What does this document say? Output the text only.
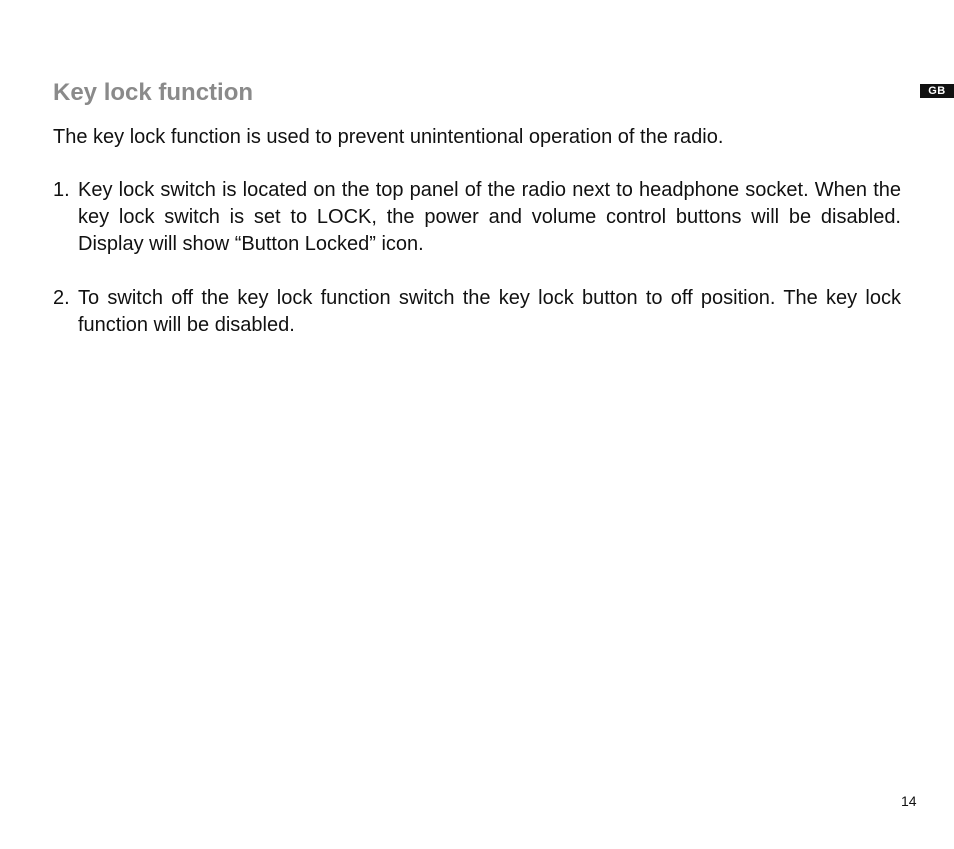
GB
Key lock function

The key lock function is used to prevent unintentional operation of the radio.

1. Key lock switch is located on the top panel of the radio next to headphone socket. When the key lock switch is set to LOCK, the power and volume control buttons will be disabled. Display will show “Button Locked” icon.
2. To switch off the key lock function switch the key lock button to off position. The key lock function will be disabled.
14
